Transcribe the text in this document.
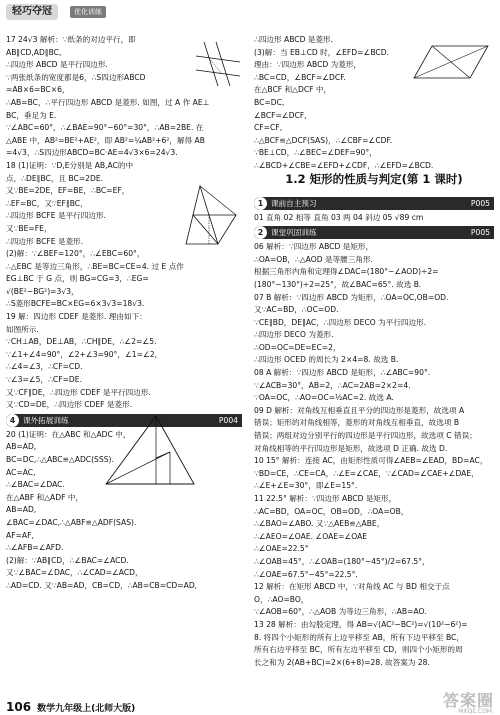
轻巧夺冠	优化训练
17 24√3 解析：∵纸条的对边平行，即
AB∥CD,AD∥BC,
∴四边形 ABCD 是平行四边形.
∵两张纸条的宽度都是6，∴S四边形ABCD
=AB×6=BC×6，
∴AB=BC，∴平行四边形 ABCD 是菱形. 如图，过 A 作 AE⊥
BC，垂足为 E.
∵∠ABC=60°，∴∠BAE=90°−60°=30°，∴AB=2BE. 在
△ABE 中，AB²=BE²+AE²，即 AB²=¼AB²+6²，解得 AB
=4√3，∴S四边形ABCD=BC·AE=4√3×6=24√3.
18 (1)证明：∵D,E分别是 AB,AC的中
点，∴DE∥BC，且 BC=2DE.
又∵BE=2DE，EF=BE，∴BC=EF，
∴EF=BC，又∵EF∥BC，
∴四边形 BCFE 是平行四边形.
又∵BE=FE，
∴四边形 BCFE 是菱形.
(2)解：∵∠BEF=120°，∴∠EBC=60°，
∴△EBC 是等边三角形，∴BE=BC=CE=4. 过 E 点作
EG⊥BC 于 G 点，则 BG=CG=3，∴EG=
√(BE²−BG²)=3√3，
∴S菱形BCFE=BC×EG=6×3√3=18√3.
19 解：四边形 CDEF 是菱形. 理由如下：
如图所示.
∵CH⊥AB，DE⊥AB，∴CH∥DE，∴∠2=∠5.
∵∠1+∠4=90°，∠2+∠3=90°，∠1=∠2，
∴∠4=∠3，∴CF=CD.
∵∠3=∠5，∴CF=DE.
又∵CF∥DE，∴四边形 CDEF 是平行四边形.
又∵CD=DE，∴四边形 CDEF 是菱形.
4 课外拓展训练	P004
20 (1)证明：在△ABC 和△ADC 中，
AB=AD,
BC=DC,∴△ABC≌△ADC(SSS).
AC=AC,
∴∠BAC=∠DAC.
在△ABF 和△ADF 中，
AB=AD,
∠BAC=∠DAC,∴△ABF≌△ADF(SAS).
AF=AF,
∴∠AFB=∠AFD.
(2)解：∵AB∥CD，∴∠BAC=∠ACD.
又∵∠BAC=∠DAC，∴∠CAD=∠ACD，
∴AD=CD. 又∵AB=AD，CB=CD，∴AB=CB=CD=AD,
∴四边形 ABCD 是菱形.
(3)解：当 EB⊥CD 时，∠EFD=∠BCD.
理由：∵四边形 ABCD 为菱形，
∴BC=CD，∠BCF=∠DCF.
在△BCF 和△DCF 中，
BC=DC,
∠BCF=∠DCF,
CF=CF,
∴△BCF≌△DCF(SAS)，∴∠CBF=∠CDF.
∵BE⊥CD，∴∠BEC=∠DEF=90°，
∴∠BCD+∠CBE=∠EFD+∠CDF，∴∠EFD=∠BCD.
1 课前自主预习	P005
01 直角 02 相等 直角 03 两 04 斜边 05 √89 cm
2 课堂巩固训练	P005
06 解析：∵四边形 ABCD 是矩形，
∴OA=OB，∴△AOD 是等腰三角形.
根据三角形内角和定理得∠DAC=(180°−∠AOD)÷2=
(180°−130°)÷2=25°，故∠BAC=65°. 故选 B.
07 B 解析：∵四边形 ABCD 为矩形，∴OA=OC,OB=OD.
又∵AC=BD，∴OC=OD.
∵CE∥BD，DE∥AC，∴四边形 DECO 为平行四边形.
∴四边形 DECO 为菱形.
∴OD=OC=DE=EC=2，
∴四边形 OCED 的周长为 2×4=8. 故选 B.
08 A 解析：∵四边形 ABCD 是矩形，∴∠ABC=90°.
∵∠ACB=30°，AB=2，∴AC=2AB=2×2=4.
∵OA=OC，∴AO=OC=½AC=2. 故选 A.
09 D 解析：对角线互相垂直且平分的四边形是菱形，故选项 A
错误；矩形的对角线相等，菱形的对角线互相垂直，故选项 B
错误；两组对边分别平行的四边形是平行四边形，故选项 C 错误；
对角线相等的平行四边形是矩形，故选项 D 正确. 故选 D.
10 15° 解析：连接 AC，由矩形性质可得∠AEB=∠EAD，BD=AC，
∵BD=CE，∴CE=CA，∴∠E=∠CAE，∵∠CAD=∠CAE+∠DAE，
∴∠E+∠E=30°，即∠E=15°.
11 22.5° 解析：∵四边形 ABCD 是矩形，
∴AC=BD，OA=OC，OB=OD，∴OA=OB，
∴∠BAO=∠ABO. 又∵△AEB≌△ABE，
∴∠AEO=∠OAE. ∠OAE=∠OAE
∴∠OAE=22.5°
∴∠OAB=45°，∴∠OAB=(180°−45°)/2=67.5°，
∴∠OAE=67.5°−45°=22.5°.
12 解析：在矩形 ABCD 中，∵对角线 AC 与 BD 相交于点
O，∴AO=BO，
∵∠AOB=60°，∴△AOB 为等边三角形，∴AB=AO.
13 28 解析：由勾股定理，得 AB=√(AC²−BC²)=√(10²−6²)=
8. 将四个小矩形的所有上边平移至 AB，所有下边平移至 BC，
所有右边平移至 BC，所有左边平移至 CD，则四个小矩形的周
长之和为 2(AB+BC)=2×(6+8)=28. 故答案为 28.
1.2 矩形的性质与判定(第 1 课时)
106 数学九年级上(北师大版)	答案圈
MXQE.COM
